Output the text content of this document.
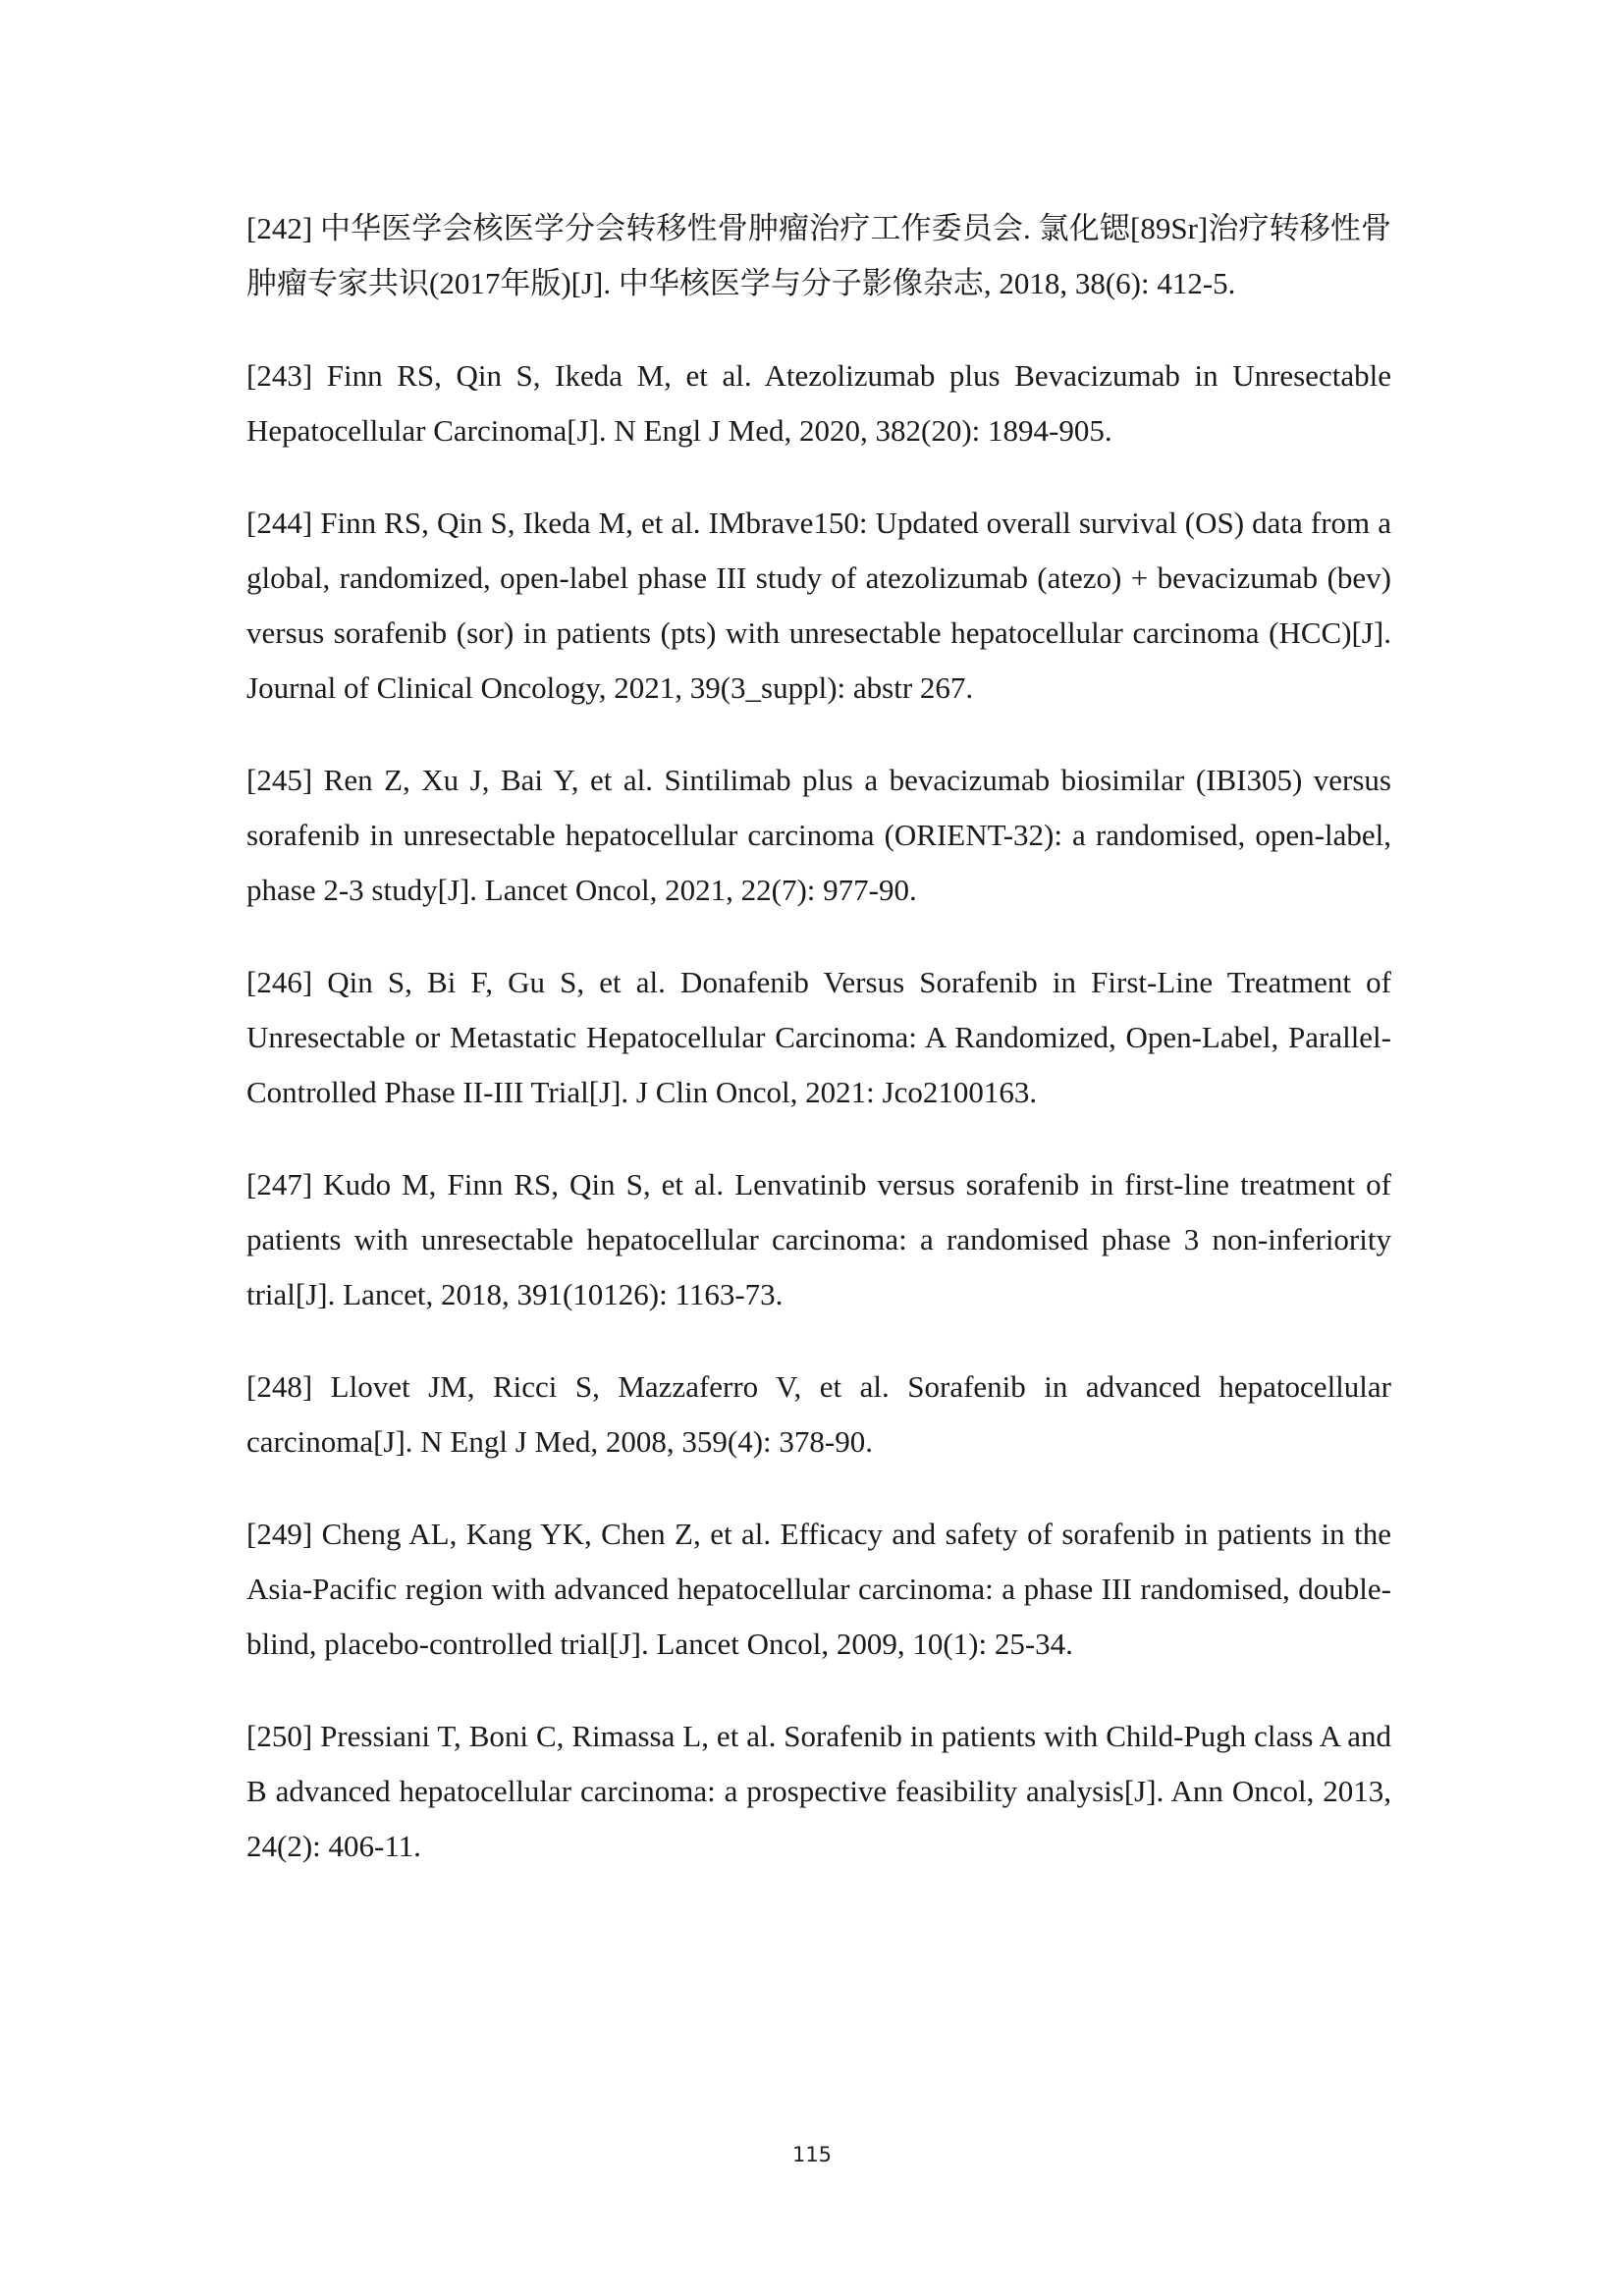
[242] 中华医学会核医学分会转移性骨肿瘤治疗工作委员会. 氯化锶[89Sr]治疗转移性骨肿瘤专家共识(2017年版)[J]. 中华核医学与分子影像杂志, 2018, 38(6): 412-5.
[243] Finn RS, Qin S, Ikeda M, et al. Atezolizumab plus Bevacizumab in Unresectable Hepatocellular Carcinoma[J]. N Engl J Med, 2020, 382(20): 1894-905.
[244] Finn RS, Qin S, Ikeda M, et al. IMbrave150: Updated overall survival (OS) data from a global, randomized, open-label phase III study of atezolizumab (atezo) + bevacizumab (bev) versus sorafenib (sor) in patients (pts) with unresectable hepatocellular carcinoma (HCC)[J]. Journal of Clinical Oncology, 2021, 39(3_suppl): abstr 267.
[245] Ren Z, Xu J, Bai Y, et al. Sintilimab plus a bevacizumab biosimilar (IBI305) versus sorafenib in unresectable hepatocellular carcinoma (ORIENT-32): a randomised, open-label, phase 2-3 study[J]. Lancet Oncol, 2021, 22(7): 977-90.
[246] Qin S, Bi F, Gu S, et al. Donafenib Versus Sorafenib in First-Line Treatment of Unresectable or Metastatic Hepatocellular Carcinoma: A Randomized, Open-Label, Parallel-Controlled Phase II-III Trial[J]. J Clin Oncol, 2021: Jco2100163.
[247] Kudo M, Finn RS, Qin S, et al. Lenvatinib versus sorafenib in first-line treatment of patients with unresectable hepatocellular carcinoma: a randomised phase 3 non-inferiority trial[J]. Lancet, 2018, 391(10126): 1163-73.
[248] Llovet JM, Ricci S, Mazzaferro V, et al. Sorafenib in advanced hepatocellular carcinoma[J]. N Engl J Med, 2008, 359(4): 378-90.
[249] Cheng AL, Kang YK, Chen Z, et al. Efficacy and safety of sorafenib in patients in the Asia-Pacific region with advanced hepatocellular carcinoma: a phase III randomised, double-blind, placebo-controlled trial[J]. Lancet Oncol, 2009, 10(1): 25-34.
[250] Pressiani T, Boni C, Rimassa L, et al. Sorafenib in patients with Child-Pugh class A and B advanced hepatocellular carcinoma: a prospective feasibility analysis[J]. Ann Oncol, 2013, 24(2): 406-11.
115
